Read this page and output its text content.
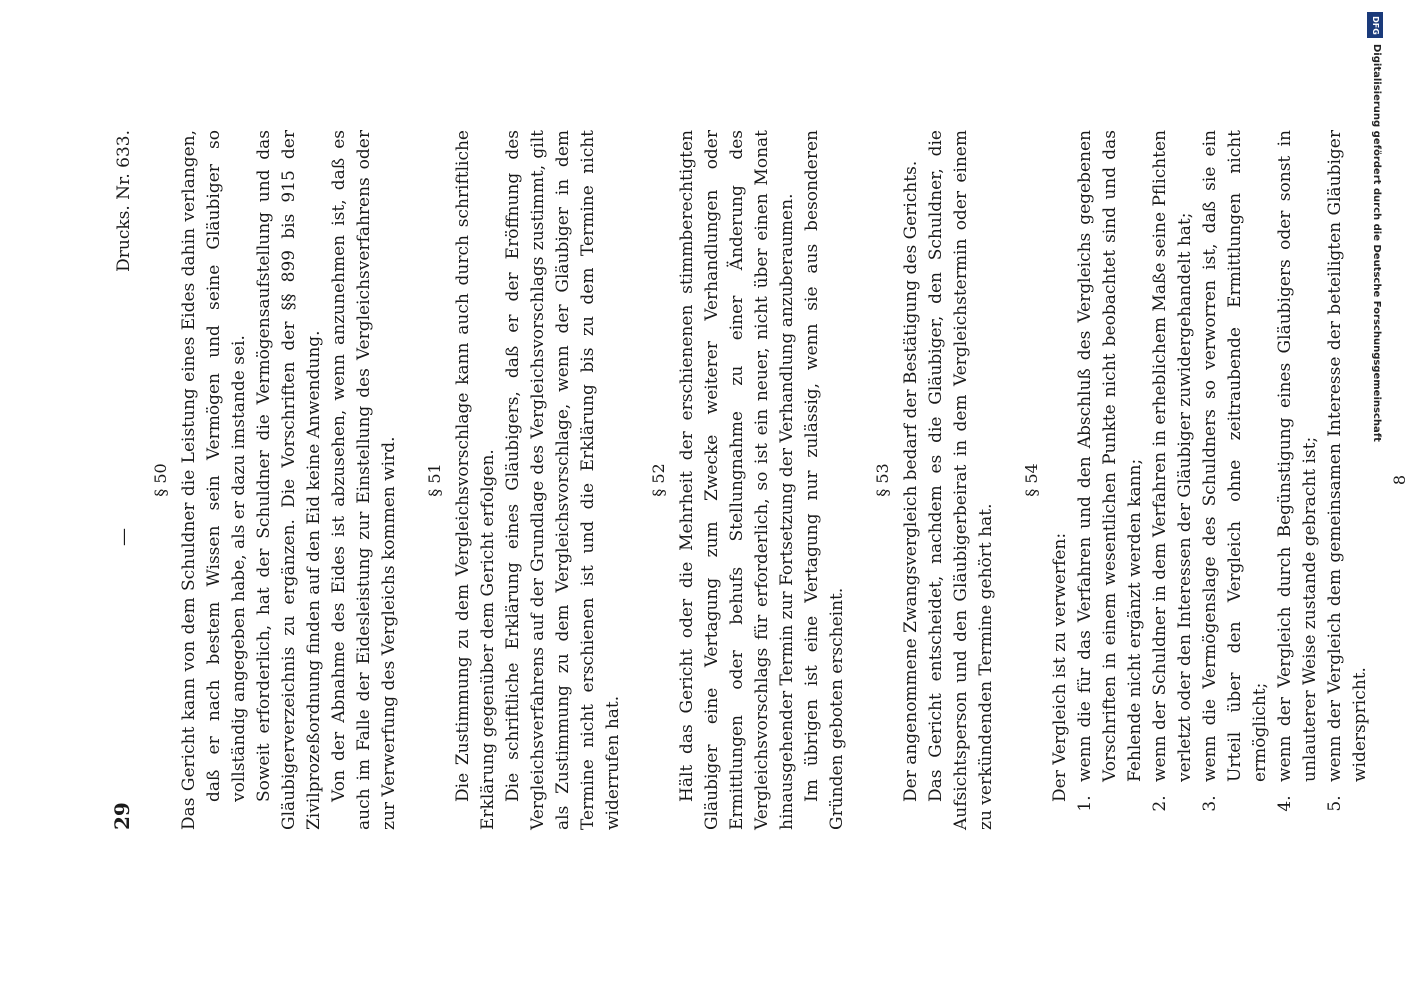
29
—
Drucks. Nr. 633.
§ 50 Das Gericht kann von dem Schuldner die Leistung eines Eides dahin verlangen, daß er nach bestem Wissen sein Vermögen und seine Gläubiger so vollständig angegeben habe, als er dazu imstande sei. Soweit erforderlich, hat der Schuldner die Vermögensaufstellung und das Gläubigerverzeichnis zu ergänzen. Die Vorschriften der §§ 899 bis 915 der Zivilprozeßordnung finden auf den Eid keine Anwendung. Von der Abnahme des Eides ist abzusehen, wenn anzunehmen ist, daß es auch im Falle der Eidesleistung zur Einstellung des Vergleichsverfahrens oder zur Verwerfung des Vergleichs kommen wird. § 51 Die Zustimmung zu dem Vergleichsvorschlage kann auch durch schriftliche Erklärung gegenüber dem Gericht erfolgen. Die schriftliche Erklärung eines Gläubigers, daß er der Eröffnung des Vergleichsverfahrens auf der Grundlage des Vergleichsvorschlags zustimmt, gilt als Zustimmung zu dem Vergleichsvorschlage, wenn der Gläubiger in dem Termine nicht erschienen ist und die Erklärung bis zu dem Termine nicht widerrufen hat.

§ 52 Hält das Gericht oder die Mehrheit der erschienenen stimmberechtigten Gläubiger eine Vertagung zum Zwecke weiterer Verhandlungen oder Ermittlungen oder behufs Stellungnahme zu einer Änderung des Vergleichsvorschlags für erforderlich, so ist ein neuer, nicht über einen Monat hinausgehender Termin zur Fortsetzung der Verhandlung anzuberaumen. Im übrigen ist eine Vertagung nur zulässig, wenn sie aus besonderen Gründen geboten erscheint.

§ 53 Der angenommene Zwangsvergleich bedarf der Bestätigung des Gerichts. Das Gericht entscheidet, nachdem es die Gläubiger, den Schuldner, die Aufsichtsperson und den Gläubigerbeirat in dem Vergleichstermin oder einem zu verkündenden Termine gehört hat.

§ 54

Der Vergleich ist zu verwerfen: 1. wenn die für das Verfahren und den Abschluß des Vergleichs gegebenen Vorschriften in einem wesentlichen Punkte nicht beobachtet sind und das Fehlende nicht ergänzt werden kann; 2. wenn der Schuldner in dem Verfahren in erheblichem Maße seine Pflichten verletzt oder den Interessen der Gläubiger zuwidergehandelt hat; 3. wenn die Vermögenslage des Schuldners so verworren ist, daß sie ein Urteil über den Vergleich ohne zeitraubende Ermittlungen nicht ermöglicht; 4. wenn der Vergleich durch Begünstigung eines Gläubigers oder sonst in unlauterer Weise zustande gebracht ist; 5. wenn der Vergleich dem gemeinsamen Interesse der beteiligten Gläubiger widerspricht.
8
DFG
Digitalisierung gefördert durch die Deutsche Forschungsgemeinschaft
